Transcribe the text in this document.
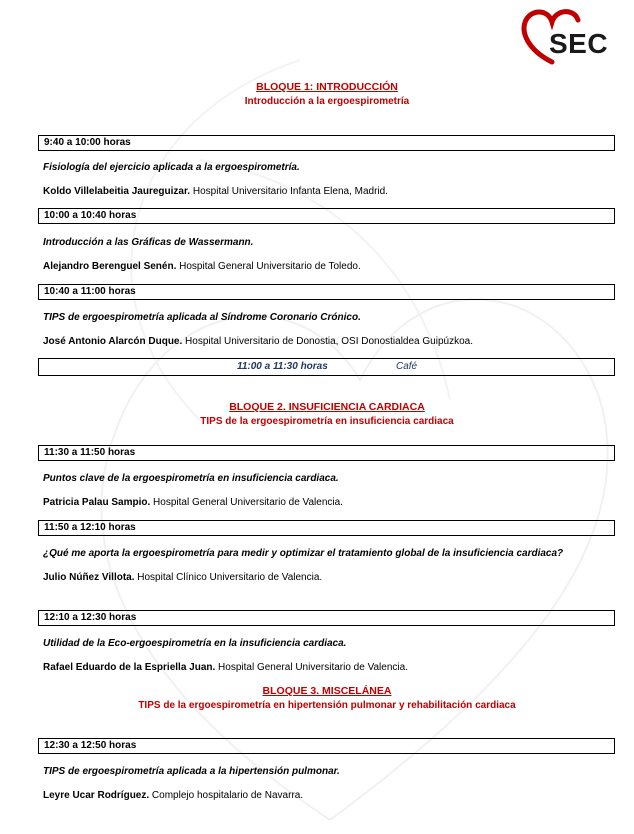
SEC
BLOQUE 1: INTRODUCCIÓN
Introducción a la ergoespirometría
9:40 a 10:00 horas
Fisiología del ejercicio aplicada a la ergoespirometría.
Koldo Villelabeitia Jaureguizar. Hospital Universitario Infanta Elena, Madrid.
10:00 a 10:40 horas
Introducción a las Gráficas de Wassermann.
Alejandro Berenguel Senén. Hospital General Universitario de Toledo.
10:40 a 11:00 horas
TIPS de ergoespirometría aplicada al Síndrome Coronario Crónico.
José Antonio Alarcón Duque. Hospital Universitario de Donostia, OSI Donostialdea Guipúzkoa.
11:00 a 11:30 horas	Café
BLOQUE 2. INSUFICIENCIA CARDIACA
TIPS de la ergoespirometría en insuficiencia cardiaca
11:30 a 11:50 horas
Puntos clave de la ergoespirometría en insuficiencia cardiaca.
Patricia Palau Sampio. Hospital General Universitario de Valencia.
11:50 a 12:10 horas
¿Qué me aporta la ergoespirometría para medir y optimizar el tratamiento global de la insuficiencia cardiaca?
Julio Núñez Villota. Hospital Clínico Universitario de Valencia.
12:10 a 12:30 horas
Utilidad de la Eco-ergoespirometría en la insuficiencia cardiaca.
Rafael Eduardo de la Espriella Juan. Hospital General Universitario de Valencia.
BLOQUE 3. MISCELÁNEA
TIPS de la ergoespirometría en hipertensión pulmonar y rehabilitación cardiaca
12:30 a 12:50 horas
TIPS de ergoespirometría aplicada a la hipertensión pulmonar.
Leyre Ucar Rodríguez. Complejo hospitalario de Navarra.
